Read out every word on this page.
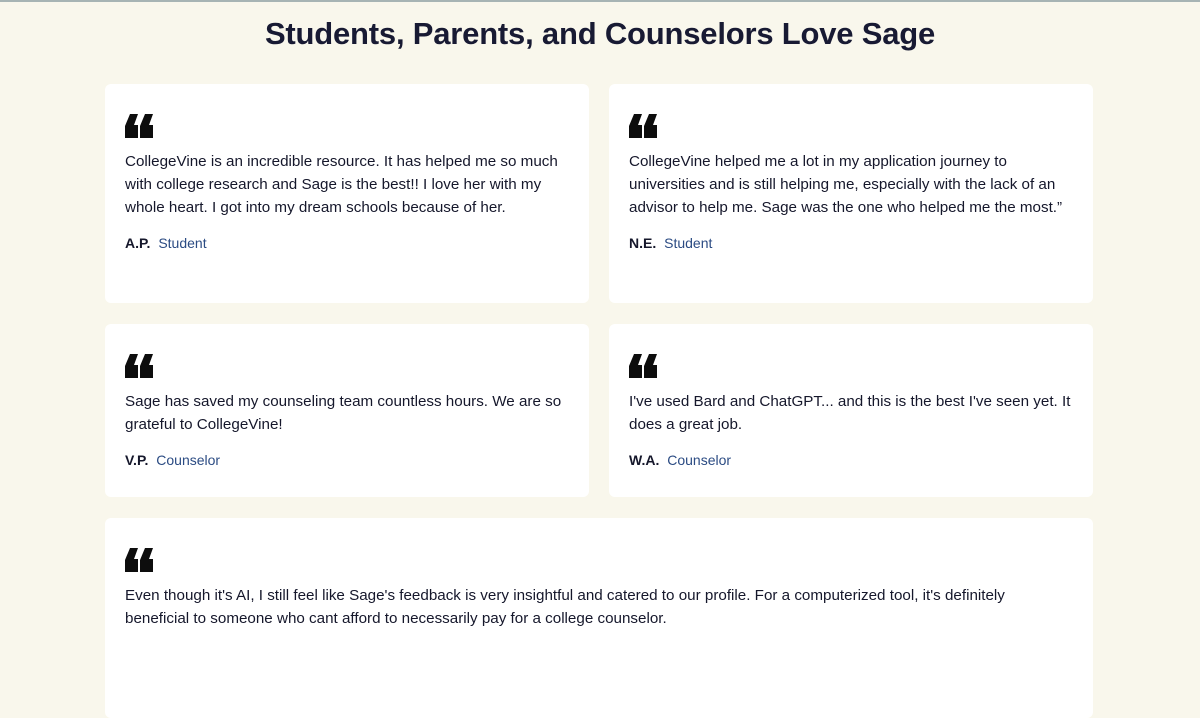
Students, Parents, and Counselors Love Sage

CollegeVine is an incredible resource. It has helped me so much with college research and Sage is the best!! I love her with my whole heart. I got into my dream schools because of her.

A.P. Student

CollegeVine helped me a lot in my application journey to universities and is still helping me, especially with the lack of an advisor to help me. Sage was the one who helped me the most.”

N.E. Student

Sage has saved my counseling team countless hours. We are so grateful to CollegeVine!

V.P. Counselor

I've used Bard and ChatGPT... and this is the best I've seen yet. It does a great job.

W.A. Counselor

Even though it's AI, I still feel like Sage's feedback is very insightful and catered to our profile. For a computerized tool, it's definitely beneficial to someone who cant afford to necessarily pay for a college counselor.
